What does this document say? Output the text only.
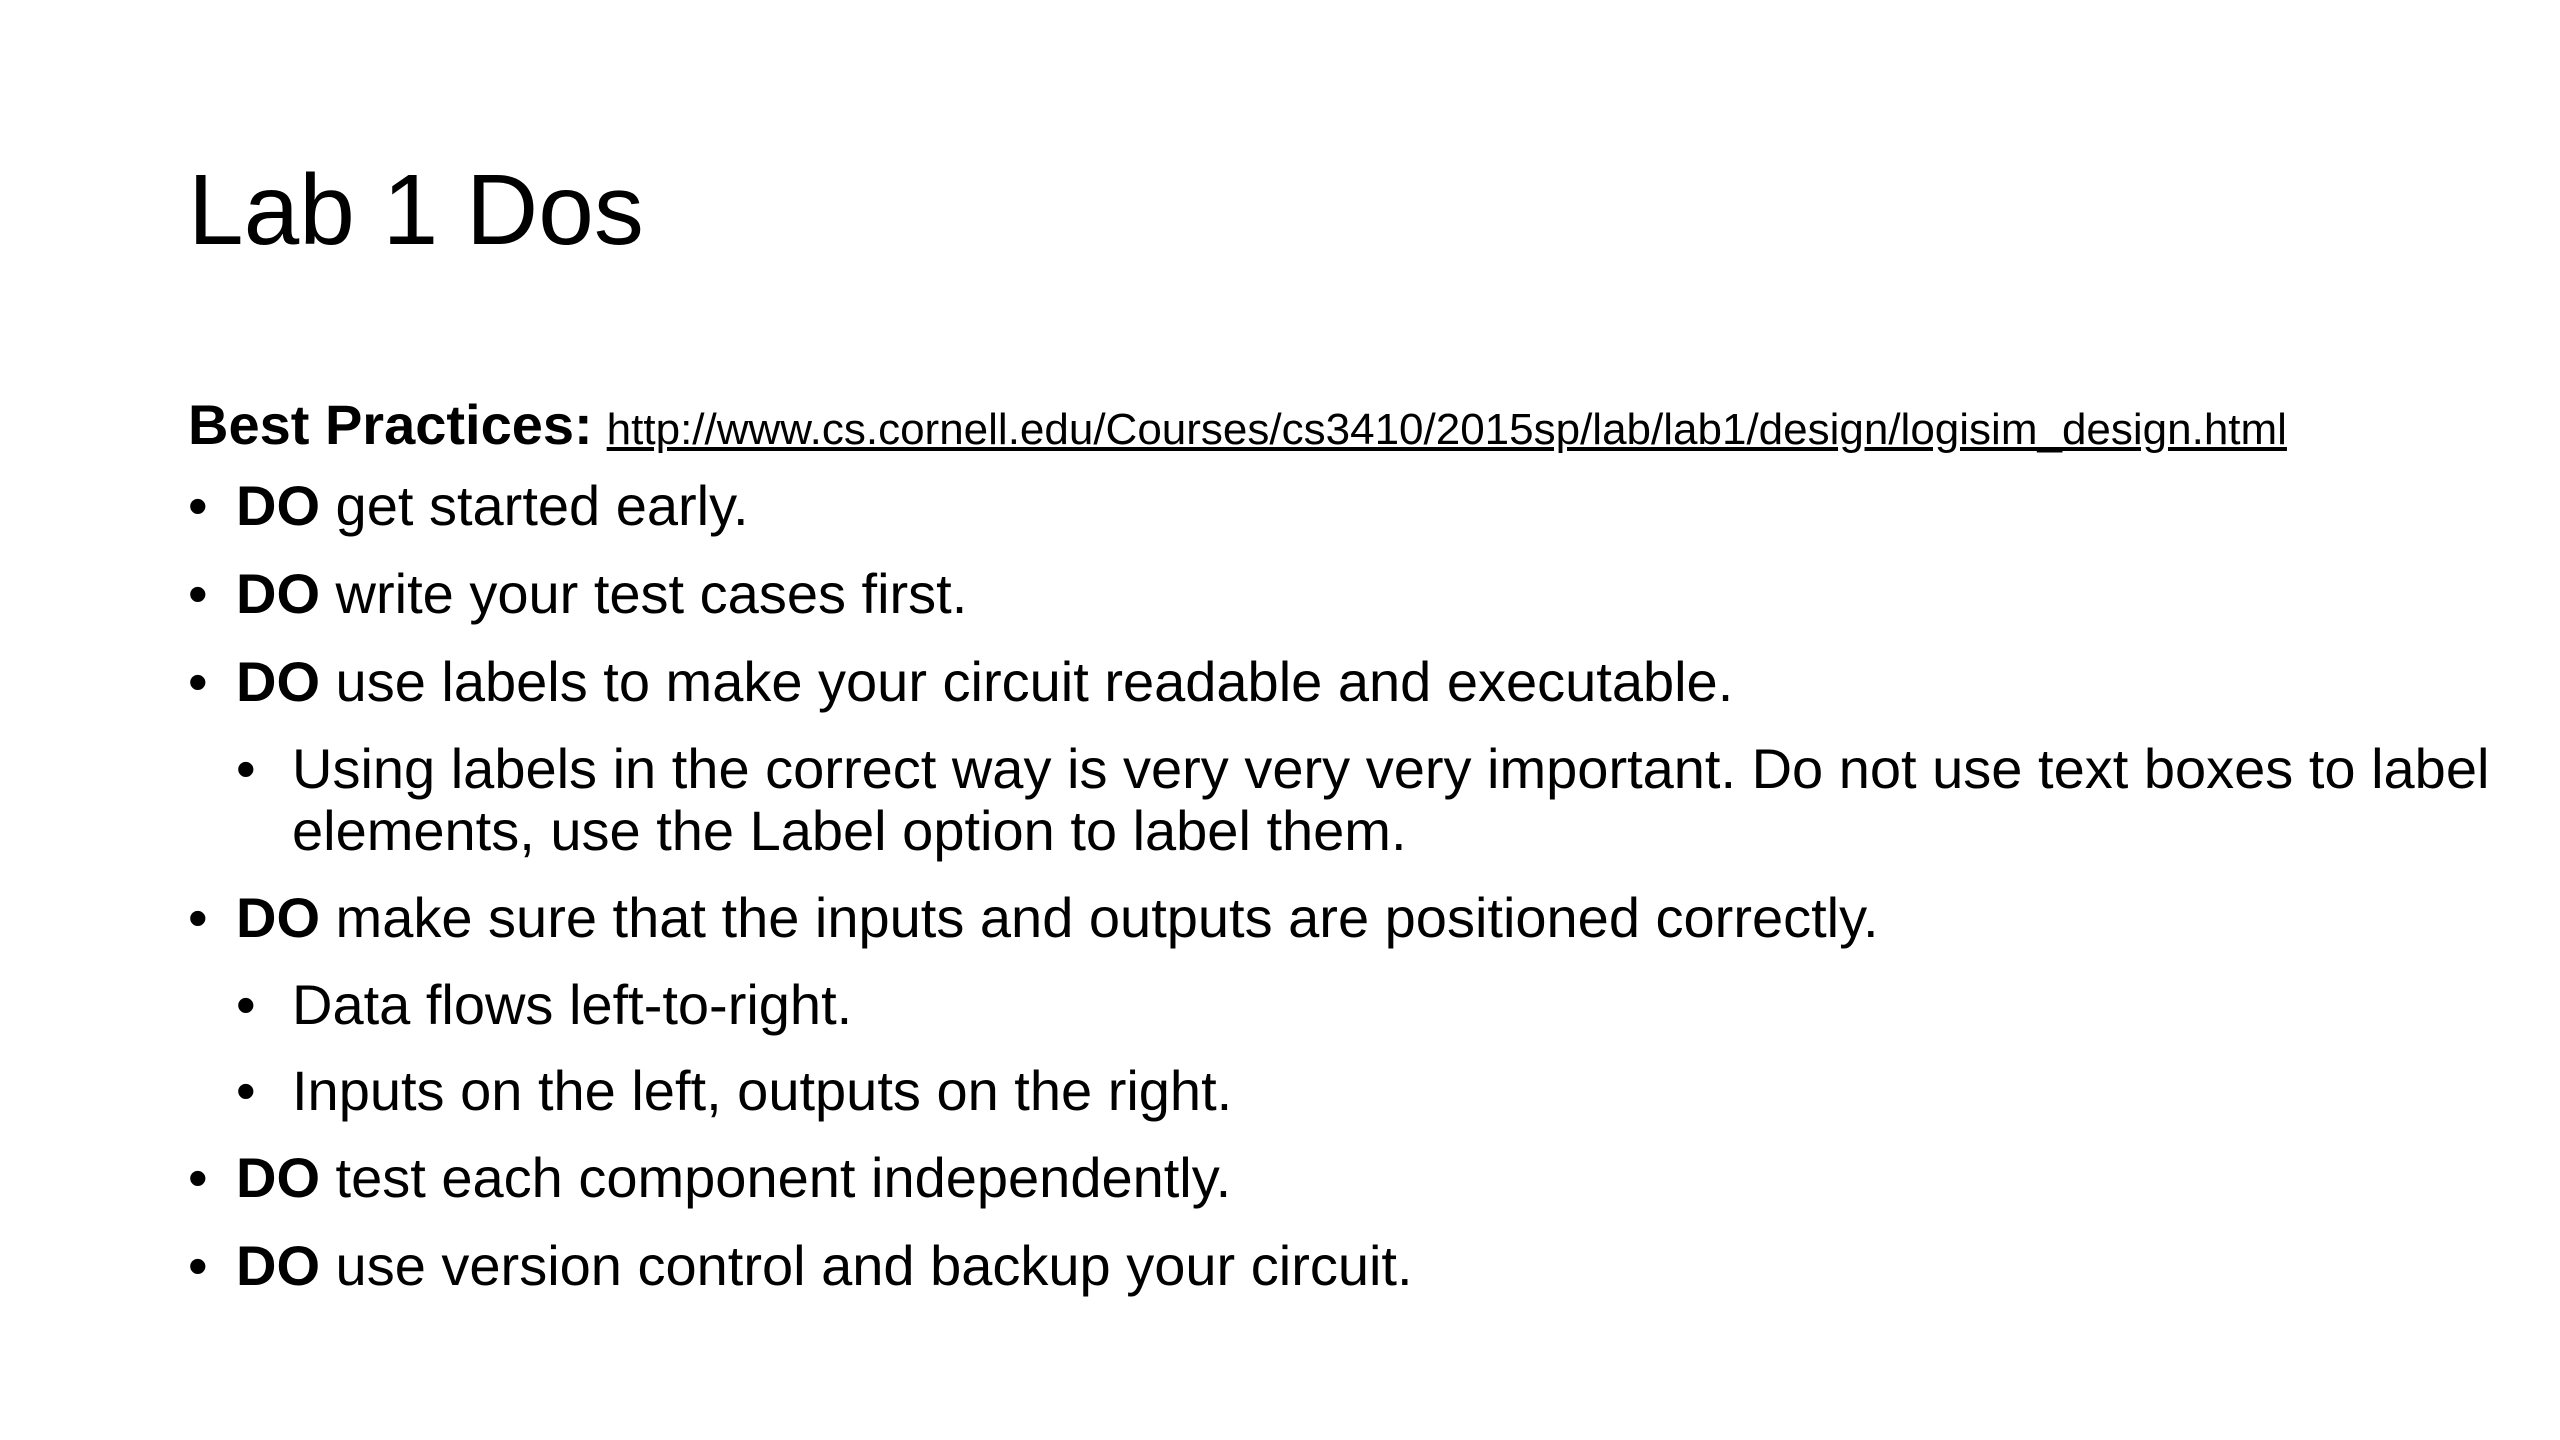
Lab 1 Dos
Best Practices: http://www.cs.cornell.edu/Courses/cs3410/2015sp/lab/lab1/design/logisim_design.html
• DO get started early.
• DO write your test cases first.
• DO use labels to make your circuit readable and executable.
• Using labels in the correct way is very very very important. Do not use text boxes to label elements, use the Label option to label them.
• DO make sure that the inputs and outputs are positioned correctly.
• Data flows left-to-right.
• Inputs on the left, outputs on the right.
• DO test each component independently.
• DO use version control and backup your circuit.
